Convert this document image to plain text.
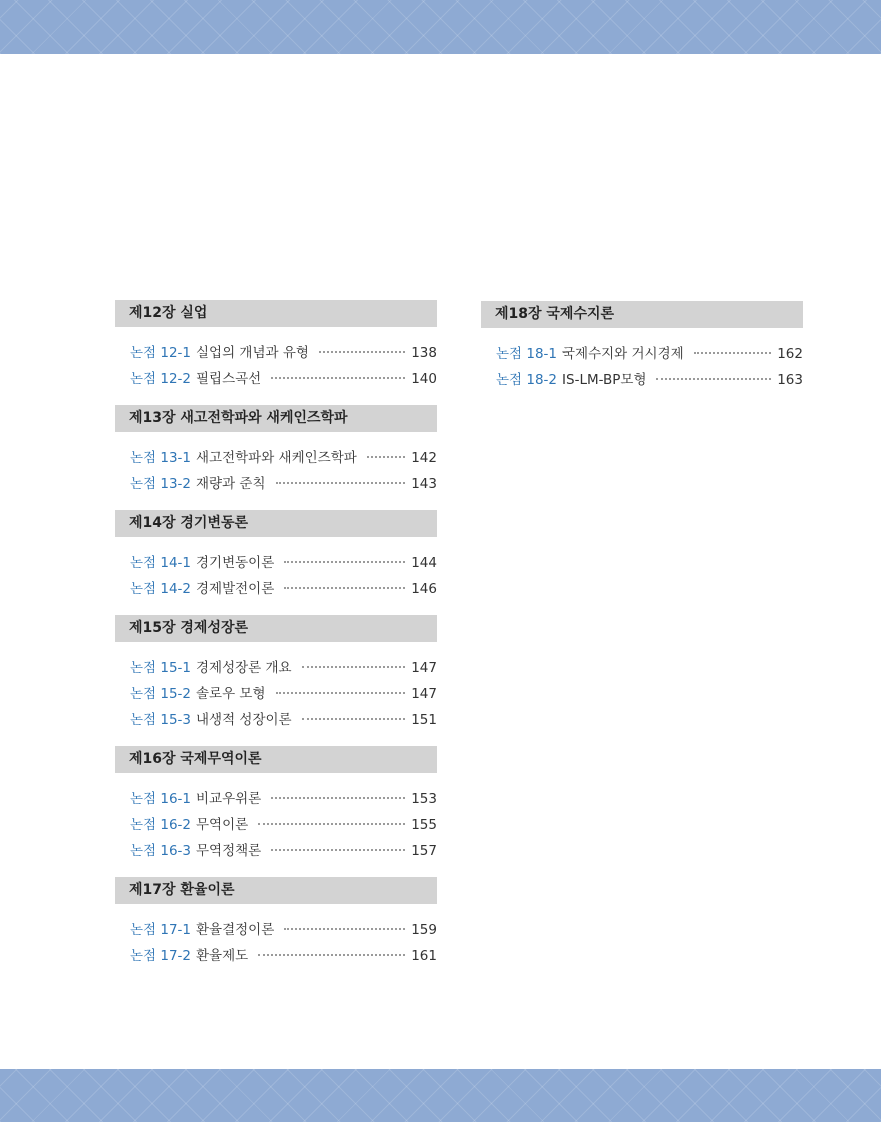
제12장 실업
논점 12-1 실업의 개념과 유형	138
논점 12-2 필립스곡선	140
제13장 새고전학파와 새케인즈학파
논점 13-1 새고전학파와 새케인즈학파	142
논점 13-2 재량과 준칙	143
제14장 경기변동론
논점 14-1 경기변동이론	144
논점 14-2 경제발전이론	146
제15장 경제성장론
논점 15-1 경제성장론 개요	147
논점 15-2 솔로우 모형	147
논점 15-3 내생적 성장이론	151
제16장 국제무역이론
논점 16-1 비교우위론	153
논점 16-2 무역이론	155
논점 16-3 무역정책론	157
제17장 환율이론
논점 17-1 환율결정이론	159
논점 17-2 환율제도	161
제18장 국제수지론
논점 18-1 국제수지와 거시경제	162
논점 18-2 IS-LM-BP모형	163
